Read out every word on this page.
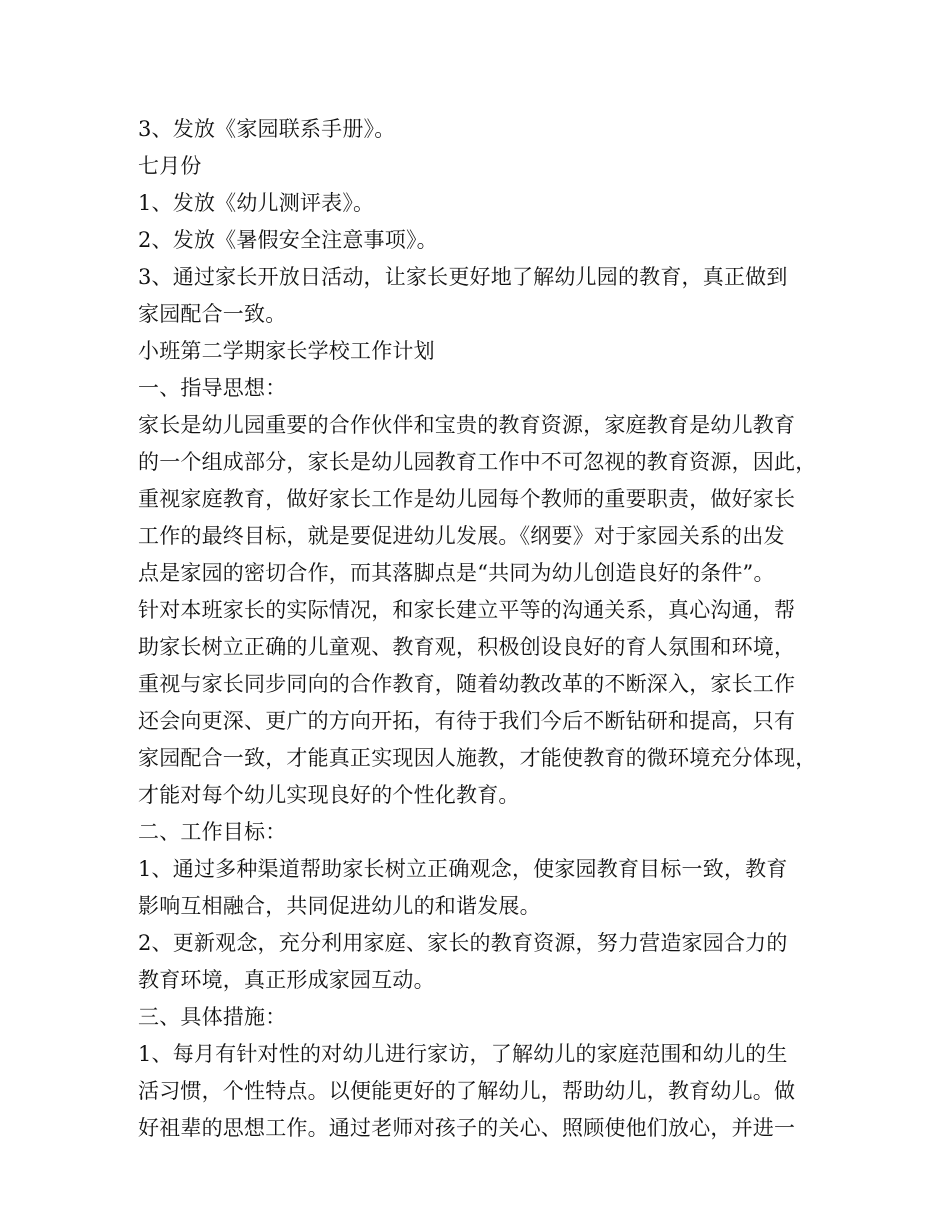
3、发放《家园联系手册》。
七月份
1、发放《幼儿测评表》。
2、发放《暑假安全注意事项》。
3、通过家长开放日活动，让家长更好地了解幼儿园的教育，真正做到
家园配合一致。
小班第二学期家长学校工作计划
一、指导思想：
家长是幼儿园重要的合作伙伴和宝贵的教育资源，家庭教育是幼儿教育
的一个组成部分，家长是幼儿园教育工作中不可忽视的教育资源，因此，
重视家庭教育，做好家长工作是幼儿园每个教师的重要职责，做好家长
工作的最终目标，就是要促进幼儿发展。《纲要》对于家园关系的出发
点是家园的密切合作，而其落脚点是“共同为幼儿创造良好的条件”。
针对本班家长的实际情况，和家长建立平等的沟通关系，真心沟通，帮
助家长树立正确的儿童观、教育观，积极创设良好的育人氛围和环境，
重视与家长同步同向的合作教育，随着幼教改革的不断深入，家长工作
还会向更深、更广的方向开拓，有待于我们今后不断钻研和提高，只有
家园配合一致，才能真正实现因人施教，才能使教育的微环境充分体现，
才能对每个幼儿实现良好的个性化教育。
二、工作目标：
1、通过多种渠道帮助家长树立正确观念，使家园教育目标一致，教育
影响互相融合，共同促进幼儿的和谐发展。
2、更新观念，充分利用家庭、家长的教育资源，努力营造家园合力的
教育环境，真正形成家园互动。
三、具体措施：
1、每月有针对性的对幼儿进行家访，了解幼儿的家庭范围和幼儿的生
活习惯，个性特点。以便能更好的了解幼儿，帮助幼儿，教育幼儿。做
好祖辈的思想工作。通过老师对孩子的关心、照顾使他们放心，并进一
